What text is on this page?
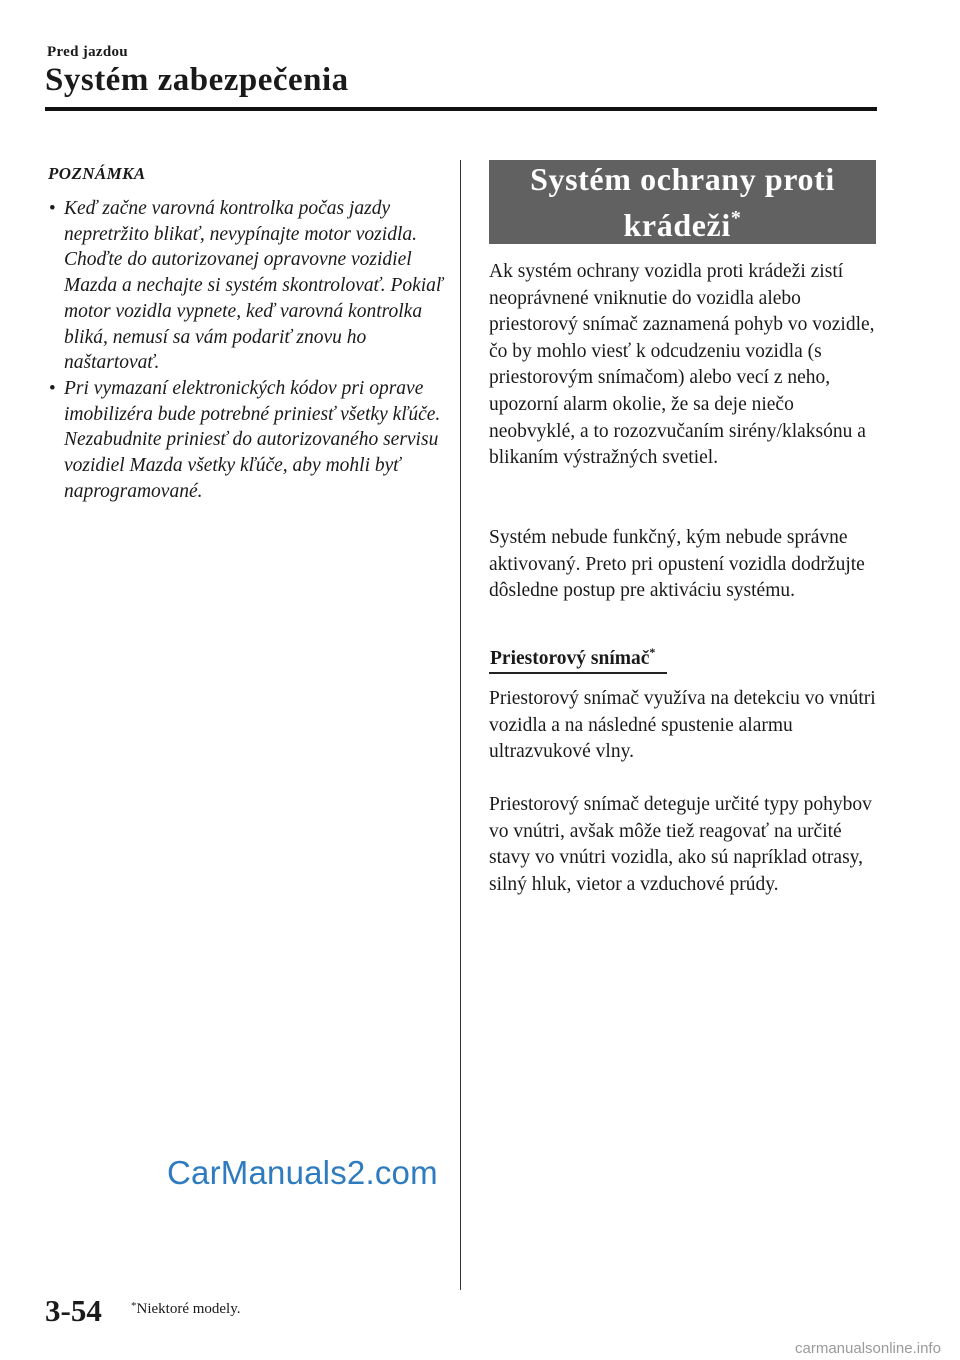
Pred jazdou
Systém zabezpečenia
POZNÁMKA
• Keď začne varovná kontrolka počas jazdy nepretržito blikať, nevypínajte motor vozidla. Choďte do autorizovanej opravovne vozidiel Mazda a nechajte si systém skontrolovať. Pokiaľ motor vozidla vypnete, keď varovná kontrolka bliká, nemusí sa vám podariť znovu ho naštartovať.
• Pri vymazaní elektronických kódov pri oprave imobilizéra bude potrebné priniesť všetky kľúče. Nezabudnite priniesť do autorizovaného servisu vozidiel Mazda všetky kľúče, aby mohli byť naprogramované.
Systém ochrany proti
krádeži*

Ak systém ochrany vozidla proti krádeži zistí neoprávnené vniknutie do vozidla alebo priestorový snímač zaznamená pohyb vo vozidle, čo by mohlo viesť k odcudzeniu vozidla (s priestorovým snímačom) alebo vecí z neho, upozorní alarm okolie, že sa deje niečo neobvyklé, a to rozozvučaním sirény/klaksónu a blikaním výstražných svetiel.

Systém nebude funkčný, kým nebude správne aktivovaný. Preto pri opustení vozidla dodržujte dôsledne postup pre aktiváciu systému.

Priestorový snímač*

Priestorový snímač využíva na detekciu vo vnútri vozidla a na následné spustenie alarmu ultrazvukové vlny.

Priestorový snímač deteguje určité typy pohybov vo vnútri, avšak môže tiež reagovať na určité stavy vo vnútri vozidla, ako sú napríklad otrasy, silný hluk, vietor a vzduchové prúdy.

CarManuals2.com
3-54	*Niektoré modely.
carmanualsonline.info
